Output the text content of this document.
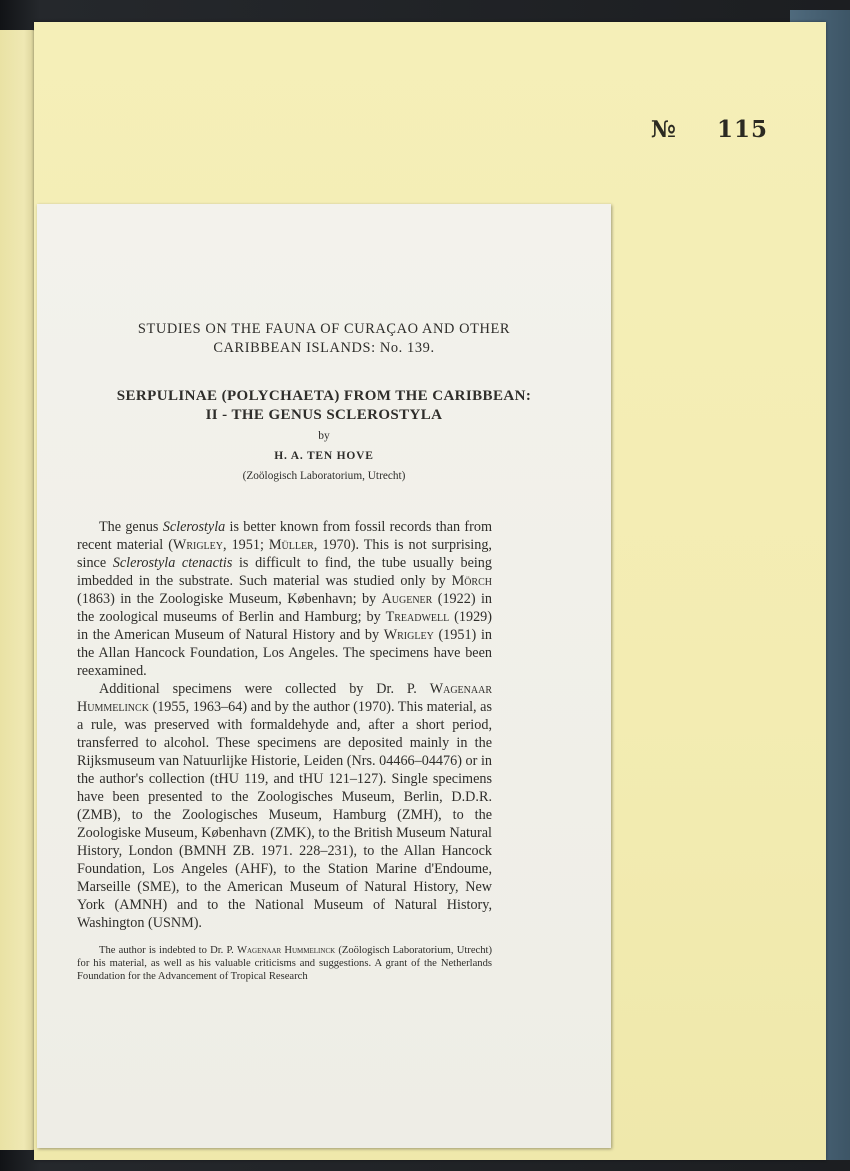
№ 115
STUDIES ON THE FAUNA OF CURAÇAO AND OTHER
CARIBBEAN ISLANDS: No. 139.
SERPULINAE (POLYCHAETA) FROM THE CARIBBEAN:
II - THE GENUS SCLEROSTYLA
by
H. A. TEN HOVE
(Zoölogisch Laboratorium, Utrecht)

The genus Sclerostyla is better known from fossil records than from recent material (Wrigley, 1951; Müller, 1970). This is not surprising, since Sclerostyla ctenactis is difficult to find, the tube usually being imbedded in the substrate. Such material was studied only by Mörch (1863) in the Zoologiske Museum, København; by Augener (1922) in the zoological museums of Berlin and Hamburg; by Treadwell (1929) in the American Museum of Natural History and by Wrigley (1951) in the Allan Hancock Foundation, Los Angeles. The specimens have been reexamined.

Additional specimens were collected by Dr. P. Wagenaar Hummelinck (1955, 1963–64) and by the author (1970). This material, as a rule, was preserved with formaldehyde and, after a short period, transferred to alcohol. These specimens are deposited mainly in the Rijksmuseum van Natuurlijke Historie, Leiden (Nrs. 04466–04476) or in the author's collection (tHU 119, and tHU 121–127). Single specimens have been presented to the Zoologisches Museum, Berlin, D.D.R. (ZMB), to the Zoologisches Museum, Hamburg (ZMH), to the Zoologiske Museum, København (ZMK), to the British Museum Natural History, London (BMNH ZB. 1971. 228–231), to the Allan Hancock Foundation, Los Angeles (AHF), to the Station Marine d'Endoume, Marseille (SME), to the American Museum of Natural History, New York (AMNH) and to the National Museum of Natural History, Washington (USNM).

The author is indebted to Dr. P. Wagenaar Hummelinck (Zoölogisch Laboratorium, Utrecht) for his material, as well as his valuable criticisms and suggestions. A grant of the Netherlands Foundation for the Advancement of Tropical Research
